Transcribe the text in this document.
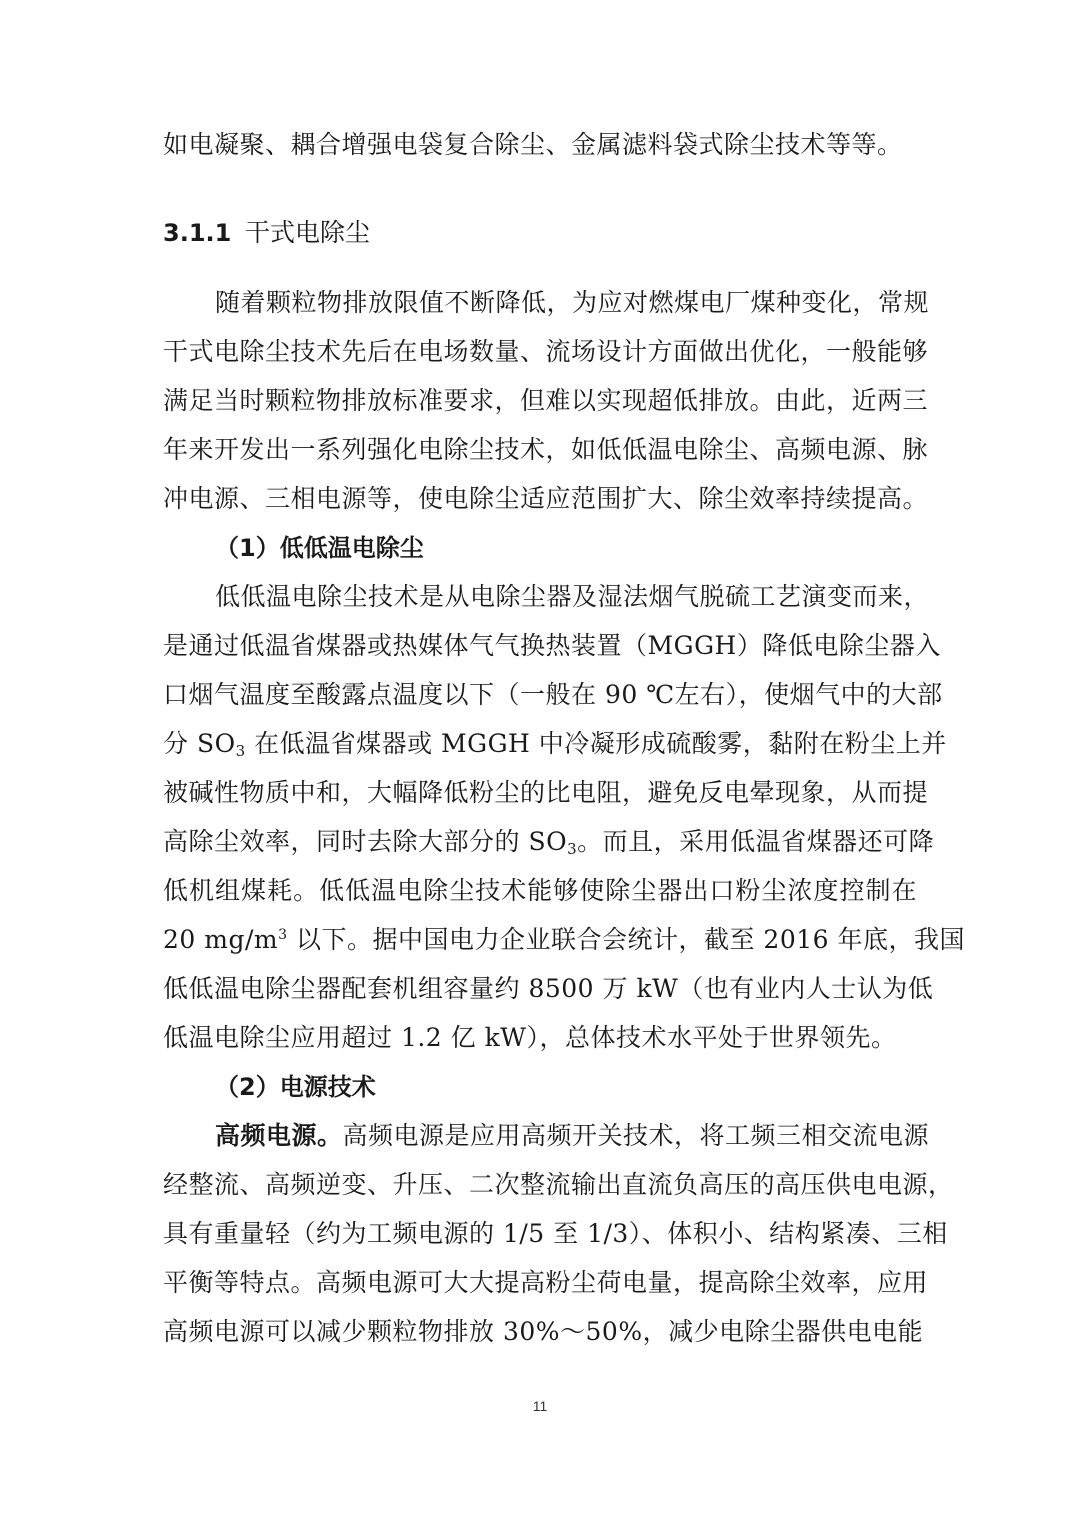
如电凝聚、耦合增强电袋复合除尘、金属滤料袋式除尘技术等等。
3.1.1 干式电除尘
随着颗粒物排放限值不断降低，为应对燃煤电厂煤种变化，常规
干式电除尘技术先后在电场数量、流场设计方面做出优化，一般能够
满足当时颗粒物排放标准要求，但难以实现超低排放。由此，近两三
年来开发出一系列强化电除尘技术，如低低温电除尘、高频电源、脉
冲电源、三相电源等，使电除尘适应范围扩大、除尘效率持续提高。
（1）低低温电除尘
低低温电除尘技术是从电除尘器及湿法烟气脱硫工艺演变而来，
是通过低温省煤器或热媒体气气换热装置（MGGH）降低电除尘器入
口烟气温度至酸露点温度以下（一般在 90 ℃左右），使烟气中的大部
分 $SO_3$ 在低温省煤器或 MGGH 中冷凝形成硫酸雾，黏附在粉尘上并
被碱性物质中和，大幅降低粉尘的比电阻，避免反电晕现象，从而提
高除尘效率，同时去除大部分的 $SO_3$。而且，采用低温省煤器还可降
低机组煤耗。低低温电除尘技术能够使除尘器出口粉尘浓度控制在
20 $mg/m^3$ 以下。据中国电力企业联合会统计，截至 2016 年底，我国
低低温电除尘器配套机组容量约 8500 万 kW（也有业内人士认为低
低温电除尘应用超过 1.2 亿 kW），总体技术水平处于世界领先。
（2）电源技术
高频电源。高频电源是应用高频开关技术，将工频三相交流电源
经整流、高频逆变、升压、二次整流输出直流负高压的高压供电电源，
具有重量轻（约为工频电源的 1/5 至 1/3）、体积小、结构紧凑、三相
平衡等特点。高频电源可大大提高粉尘荷电量，提高除尘效率，应用
高频电源可以减少颗粒物排放 30%～50%，减少电除尘器供电电能
11
